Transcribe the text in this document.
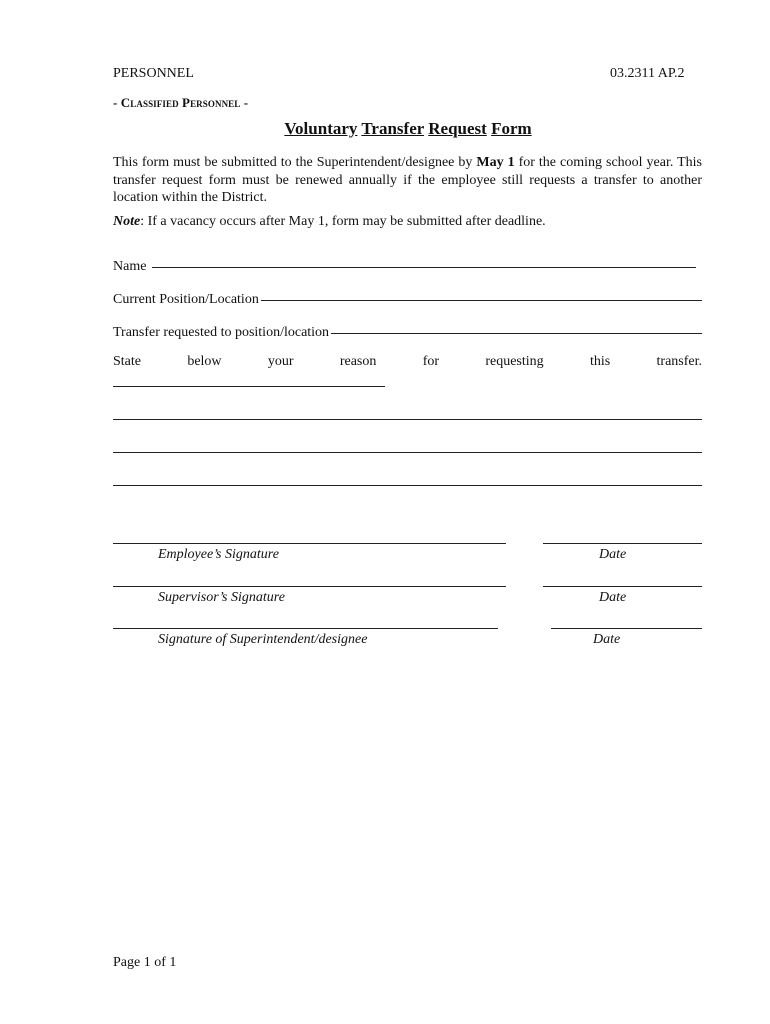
PERSONNEL	03.2311 AP.2
- Classified Personnel -
Voluntary Transfer Request Form
This form must be submitted to the Superintendent/designee by May 1 for the coming school year. This transfer request form must be renewed annually if the employee still requests a transfer to another location within the District.
Note: If a vacancy occurs after May 1, form may be submitted after deadline.
Name
Current Position/Location
Transfer requested to position/location
State	below	your	reason	for	requesting	this	transfer.
Employee’s Signature	Date
Supervisor’s Signature	Date
Signature of Superintendent/designee	Date
Page 1 of 1
